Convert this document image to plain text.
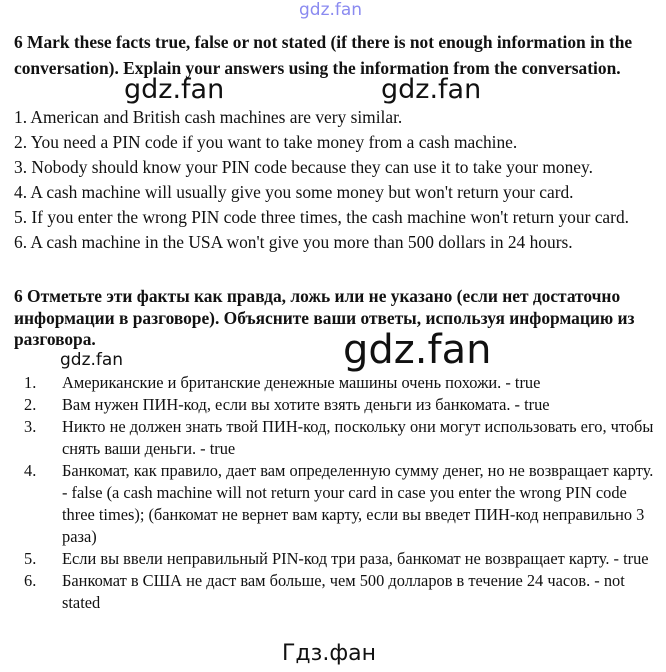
gdz.fan

6 Mark these facts true, false or not stated (if there is not enough information in the conversation). Explain your answers using the information from the conversation.

gdz.fan	gdz.fan
1. American and British cash machines are very similar.
2. You need a PIN code if you want to take money from a cash machine.
3. Nobody should know your PIN code because they can use it to take your money.
4. A cash machine will usually give you some money but won't return your card.
5. If you enter the wrong PIN code three times, the cash machine won't return your card.
6. A cash machine in the USA won't give you more than 500 dollars in 24 hours.

6 Отметьте эти факты как правда, ложь или не указано (если нет достаточно информации в разговоре). Объясните ваши ответы, используя информацию из разговора.

gdz.fan	gdz.fan
1. Американские и британские денежные машины очень похожи. - true
2. Вам нужен ПИН-код, если вы хотите взять деньги из банкомата. - true
3. Никто не должен знать твой ПИН-код, поскольку они могут использовать его, чтобы снять ваши деньги. - true
4. Банкомат, как правило, дает вам определенную сумму денег, но не возвращает карту. - false (a cash machine will not return your card in case you enter the wrong PIN code three times); (банкомат не вернет вам карту, если вы введет ПИН-код неправильно 3 раза)
5. Если вы ввели неправильный PIN-код три раза, банкомат не возвращает карту. - true
6. Банкомат в США не даст вам больше, чем 500 долларов в течение 24 часов. - not stated
Гдз.фан
